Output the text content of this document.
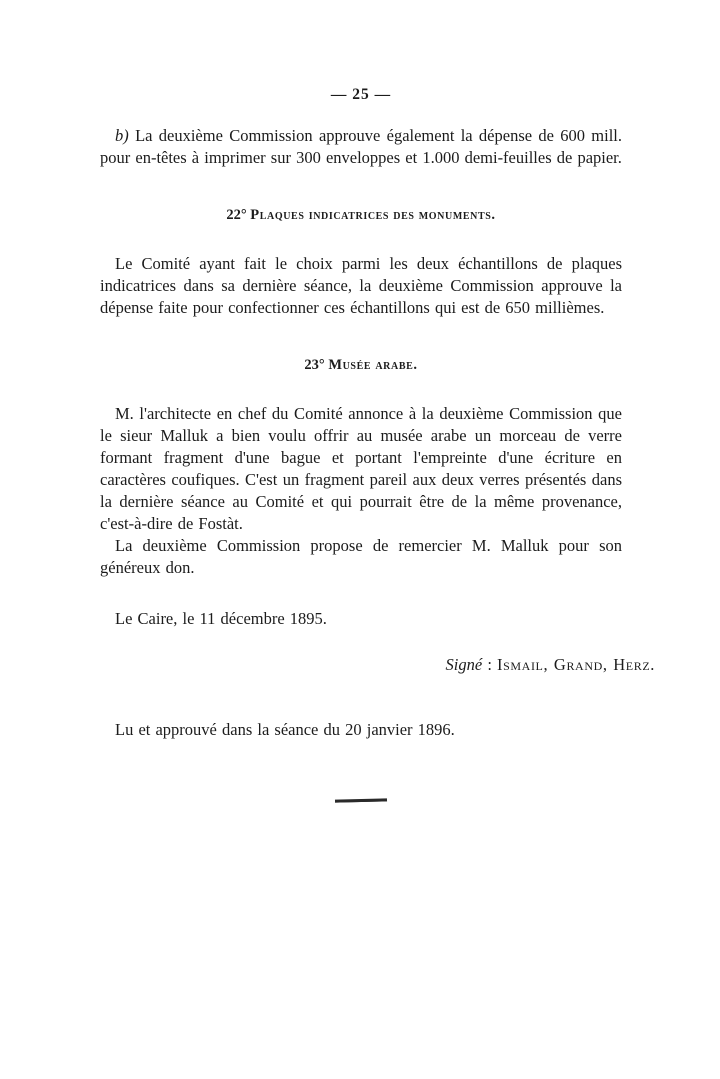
— 25 —

b) La deuxième Commission approuve également la dépense de 600 mill. pour en-têtes à imprimer sur 300 enveloppes et 1.000 demi-feuilles de papier.

22° Plaques indicatrices des monuments.

Le Comité ayant fait le choix parmi les deux échantillons de plaques indicatrices dans sa dernière séance, la deuxième Commission approuve la dépense faite pour confectionner ces échantillons qui est de 650 millièmes.

23° Musée arabe.

M. l'architecte en chef du Comité annonce à la deuxième Commission que le sieur Malluk a bien voulu offrir au musée arabe un morceau de verre formant fragment d'une bague et portant l'empreinte d'une écriture en caractères coufiques. C'est un fragment pareil aux deux verres présentés dans la dernière séance au Comité et qui pourrait être de la même provenance, c'est-à-dire de Fostàt.

La deuxième Commission propose de remercier M. Malluk pour son généreux don.

Le Caire, le 11 décembre 1895.

Signé : Ismail, Grand, Herz.

Lu et approuvé dans la séance du 20 janvier 1896.
